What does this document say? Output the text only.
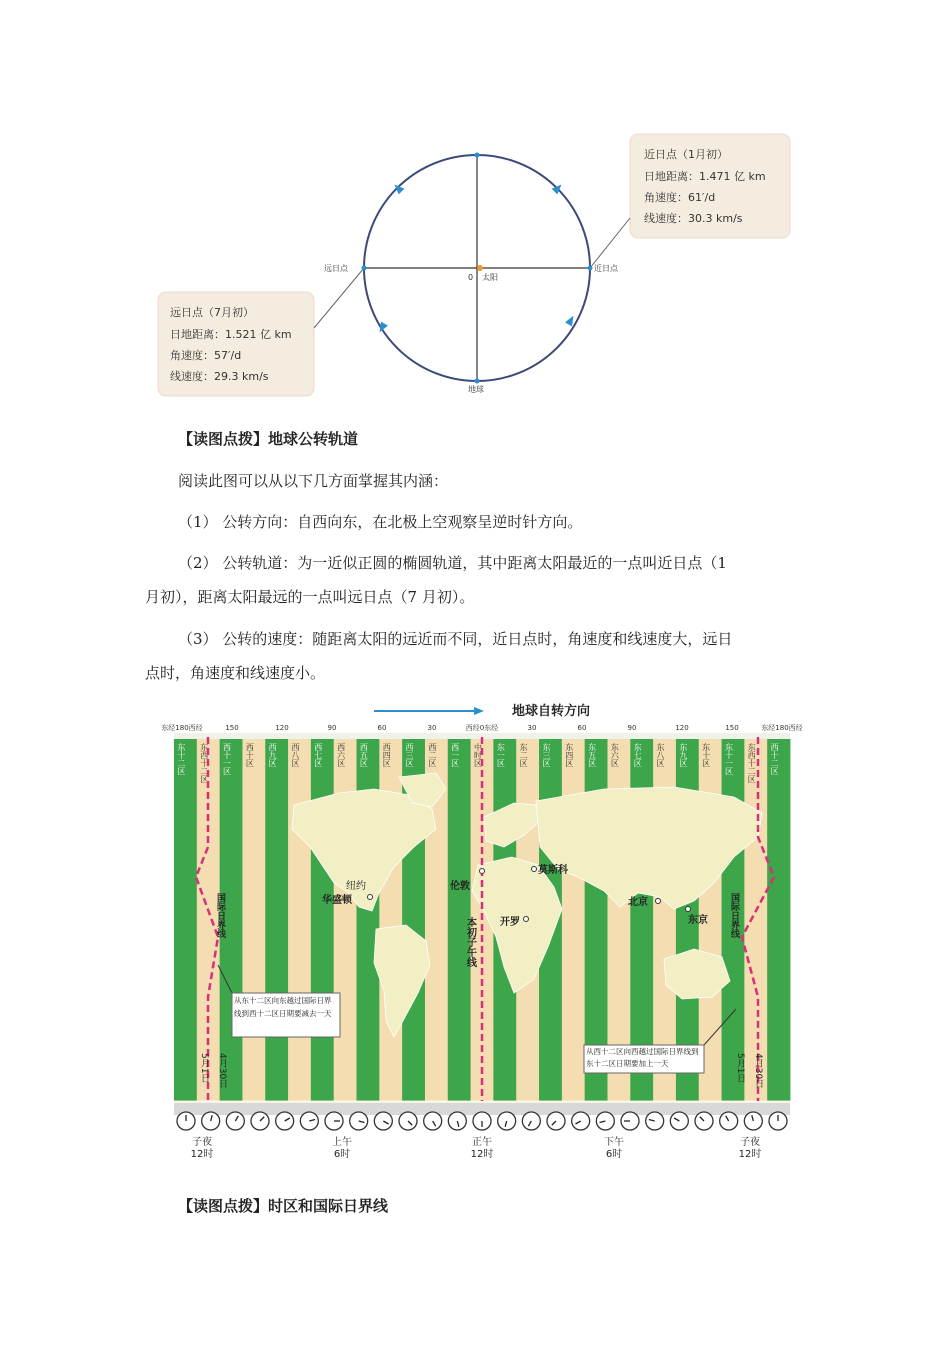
近日点（1月初）
日地距离：1.471 亿 km
角速度：61′/d
线速度：30.3 km/s
远日点（7月初）
日地距离：1.521 亿 km
角速度：57′/d
线速度：29.3 km/s
远日点	近日点
0 太阳
地球
【读图点拨】地球公转轨道
阅读此图可以从以下几方面掌握其内涵：
（1） 公转方向：自西向东，在北极上空观察呈逆时针方向。
（2） 公转轨道：为一近似正圆的椭圆轨道，其中距离太阳最近的一点叫近日点（1
月初），距离太阳最远的一点叫远日点（7 月初）。
（3） 公转的速度：随距离太阳的远近而不同，近日点时，角速度和线速度大，远日
点时，角速度和线速度小。
地球自转方向
东经180西经	150	120	90	60	30	西经0东经	30	60	90	120	150	东经180西经
东十二区 东西十二区 西十一区 西十区 西九区 西八区 西七区 西六区 西五区 西四区 西三区 西二区 西一区 中时区 东一区 东二区 东三区 东四区 东五区 东六区 东七区 东八区 东九区 东十区 东十一区 东西十二区 西十二区
纽约
华盛顿
伦敦
莫斯科
开罗
北京
东京
本初子午线
国际日界线	国际日界线
从东十二区向东越过国际日界线到西十二区日期要减去一天
从西十二区向西越过国际日界线到东十二区日期要加上一天
5月1日 4月30日	5月1日 4月30日
子夜
12时
上午
6时
正午
12时
下午
6时
子夜
12时
【读图点拨】时区和国际日界线
